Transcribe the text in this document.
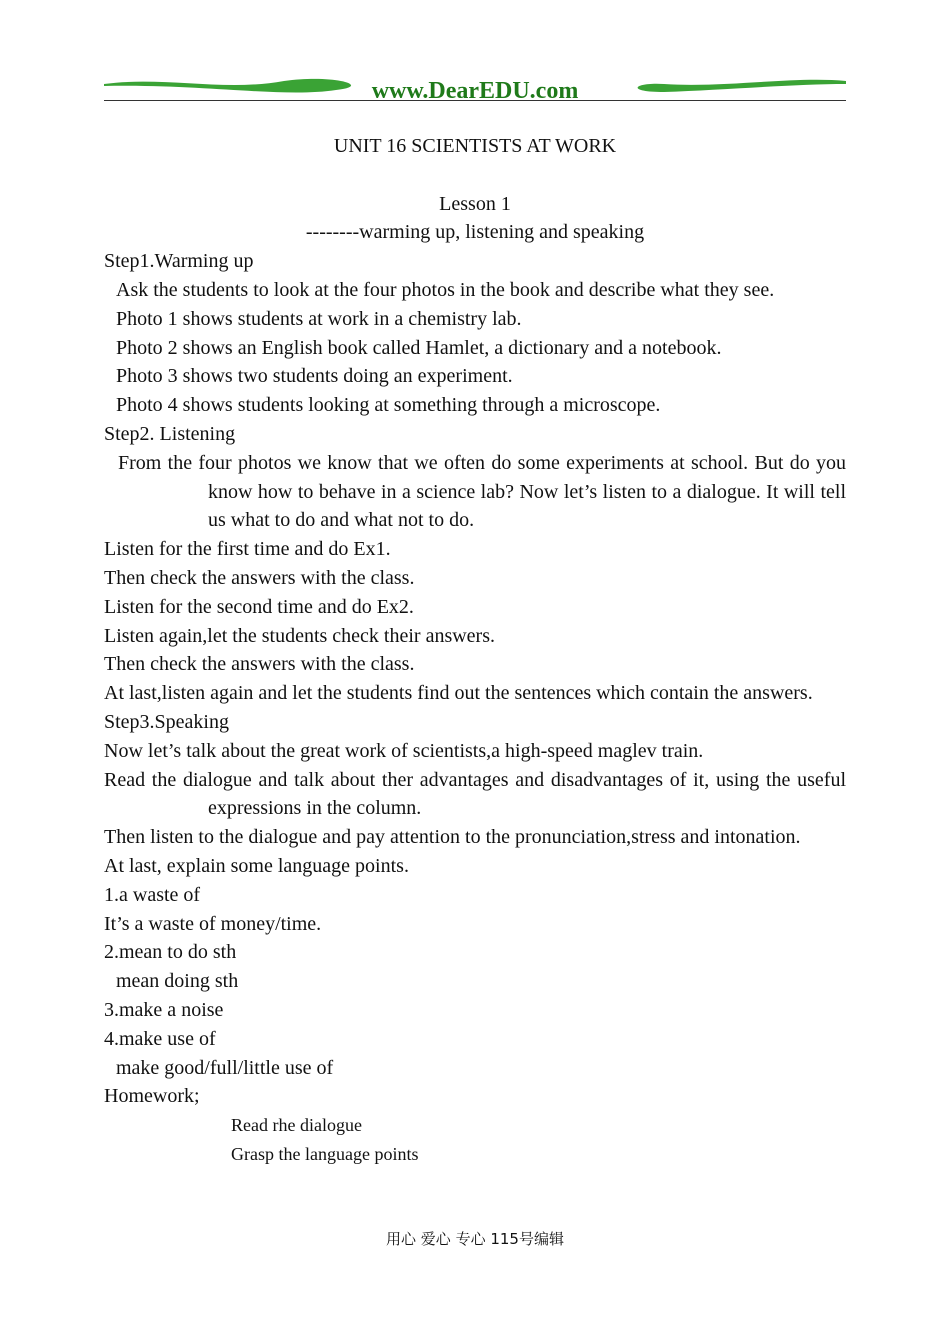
www.DearEDU.com
UNIT 16 SCIENTISTS AT WORK
Lesson 1
--------warming up, listening and speaking
Step1.Warming up
Ask the students to look at the four photos in the book and describe what they see.
Photo 1 shows students at work in a chemistry lab.
Photo 2 shows an English book called Hamlet, a dictionary and a notebook.
Photo 3 shows two students doing an experiment.
Photo 4 shows students looking at something through a microscope.
Step2. Listening
From the four photos we know that we often do some experiments at school. But do you know how to behave in a science lab? Now let’s listen to a dialogue. It will tell us what to do and what not to do.
Listen for the first time and do Ex1.
Then check the answers with the class.
Listen for the second time and do Ex2.
Listen again,let the students check their answers.
Then check the answers with the class.
At last,listen again and let the students find out the sentences which contain the answers.
Step3.Speaking
Now let’s talk about the great work of scientists,a high-speed maglev train.
Read the dialogue and talk about ther advantages and disadvantages of it, using the useful expressions in the column.
Then listen to the dialogue and pay attention to the pronunciation,stress and intonation.
At last, explain some language points.
1.a waste of
It’s a waste of money/time.
2.mean to do sth
mean doing sth
3.make a noise
4.make use of
make good/full/little use of
Homework;
Read rhe dialogue
Grasp the language points
用心 爱心 专心 115号编辑
